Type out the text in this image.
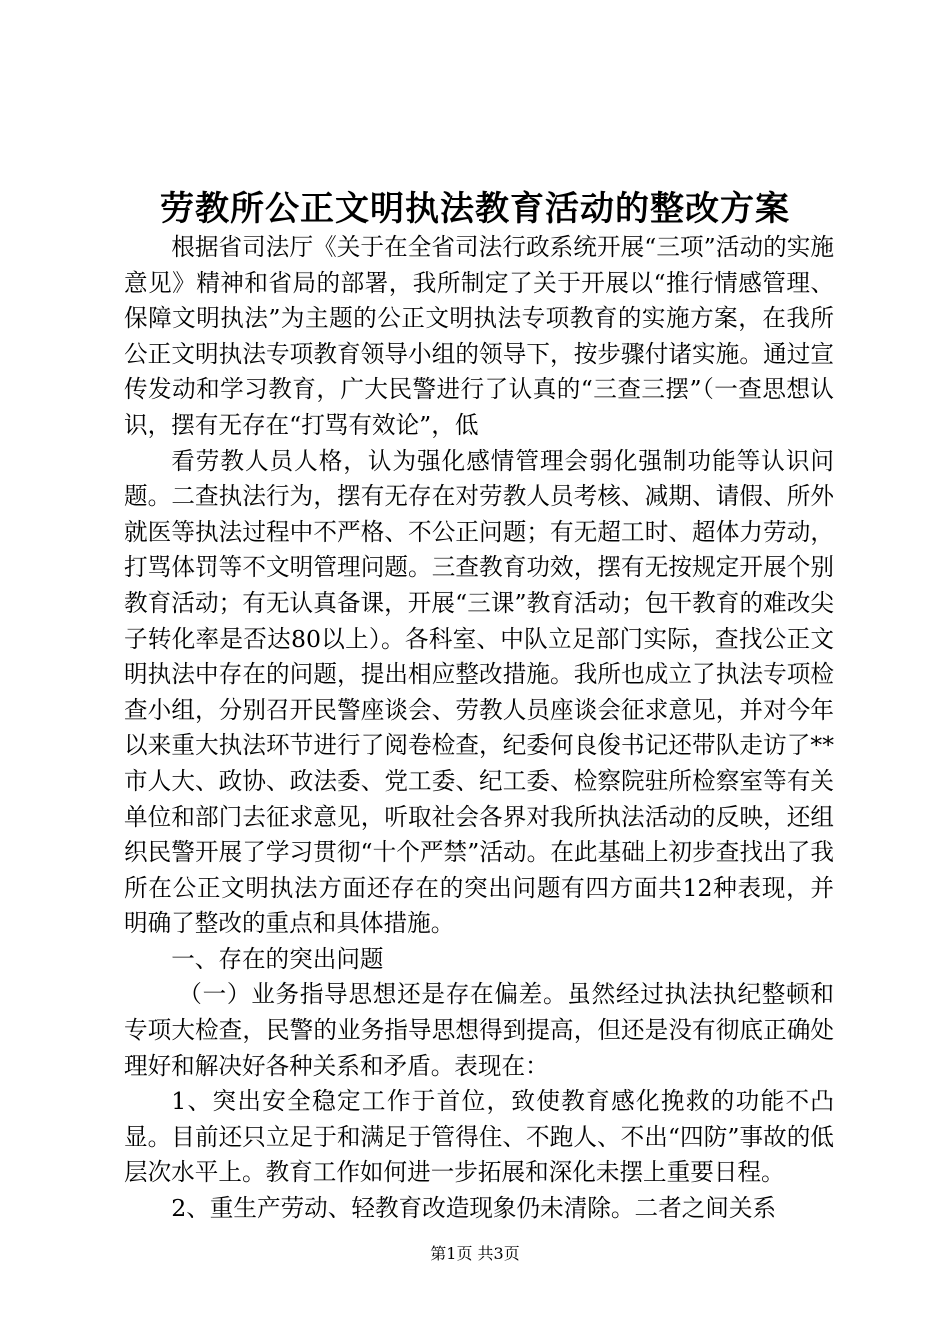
劳教所公正文明执法教育活动的整改方案

根据省司法厅《关于在全省司法行政系统开展“三项”活动的实施意见》精神和省局的部署，我所制定了关于开展以“推行情感管理、保障文明执法”为主题的公正文明执法专项教育的实施方案，在我所公正文明执法专项教育领导小组的领导下，按步骤付诸实施。通过宣传发动和学习教育，广大民警进行了认真的“三查三摆”（一查思想认识，摆有无存在“打骂有效论”，低

看劳教人员人格，认为强化感情管理会弱化强制功能等认识问题。二查执法行为，摆有无存在对劳教人员考核、减期、请假、所外就医等执法过程中不严格、不公正问题；有无超工时、超体力劳动，打骂体罚等不文明管理问题。三查教育功效，摆有无按规定开展个别教育活动；有无认真备课，开展“三课”教育活动；包干教育的难改尖子转化率是否达80以上）。各科室、中队立足部门实际，查找公正文明执法中存在的问题，提出相应整改措施。我所也成立了执法专项检查小组，分别召开民警座谈会、劳教人员座谈会征求意见，并对今年以来重大执法环节进行了阅卷检查，纪委何良俊书记还带队走访了**市人大、政协、政法委、党工委、纪工委、检察院驻所检察室等有关单位和部门去征求意见，听取社会各界对我所执法活动的反映，还组织民警开展了学习贯彻“十个严禁”活动。在此基础上初步查找出了我所在公正文明执法方面还存在的突出问题有四方面共12种表现，并明确了整改的重点和具体措施。

一、存在的突出问题

（一）业务指导思想还是存在偏差。虽然经过执法执纪整顿和专项大检查，民警的业务指导思想得到提高，但还是没有彻底正确处理好和解决好各种关系和矛盾。表现在：

1、突出安全稳定工作于首位，致使教育感化挽救的功能不凸显。目前还只立足于和满足于管得住、不跑人、不出“四防”事故的低层次水平上。教育工作如何进一步拓展和深化未摆上重要日程。

2、重生产劳动、轻教育改造现象仍未清除。二者之间关系

第1页 共3页
